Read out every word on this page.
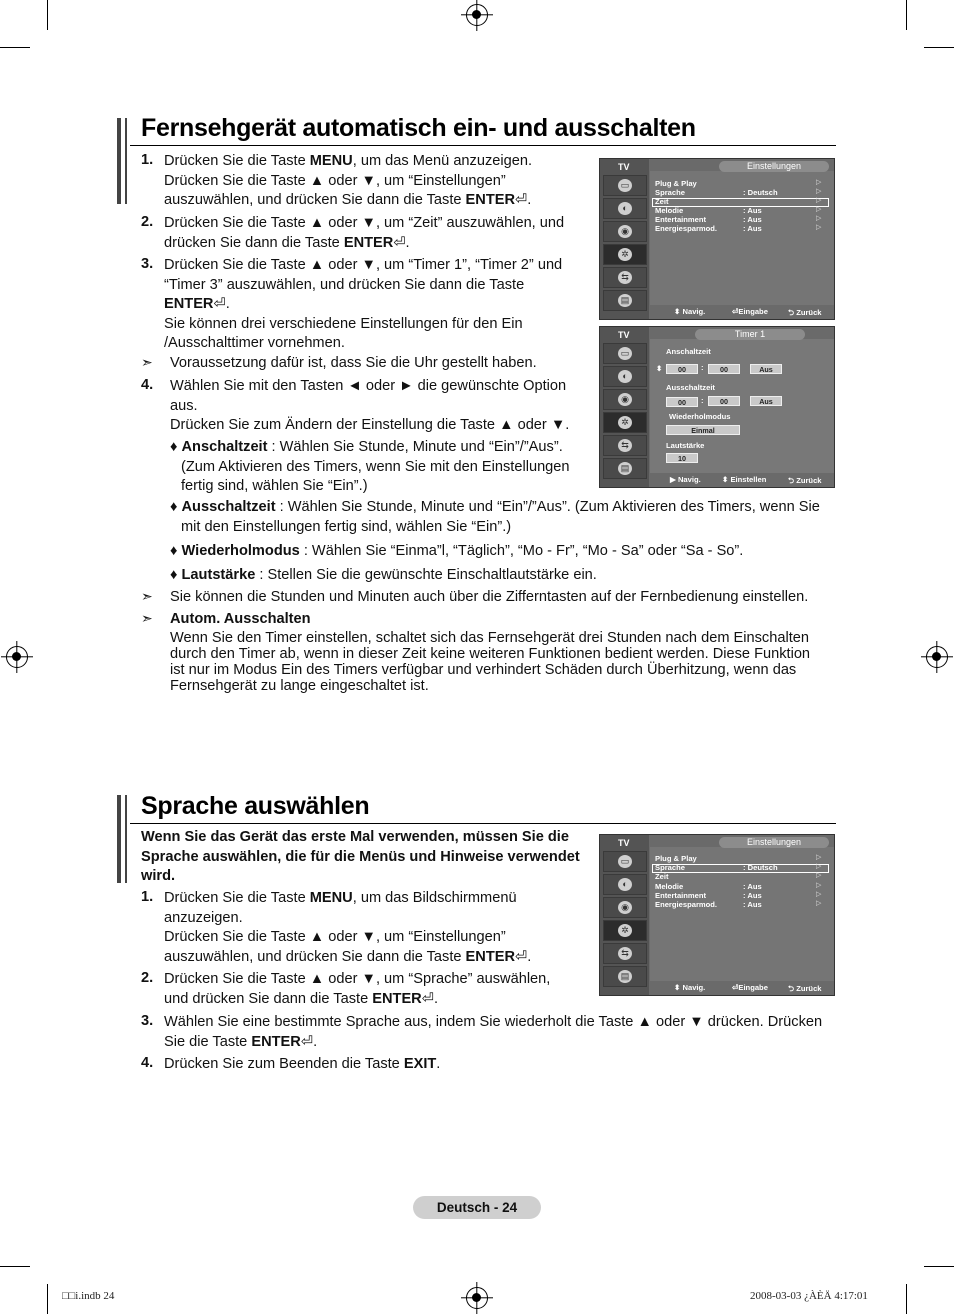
Fernsehgerät automatisch ein- und ausschalten
1. Drücken Sie die Taste MENU, um das Menü anzuzeigen.
Drücken Sie die Taste ▲ oder ▼, um “Einstellungen”
auszuwählen, und drücken Sie dann die Taste ENTER⏎.
2. Drücken Sie die Taste ▲ oder ▼, um “Zeit” auszuwählen, und
drücken Sie dann die Taste ENTER⏎.
3. Drücken Sie die Taste ▲ oder ▼, um “Timer 1”, “Timer 2” und
“Timer 3” auszuwählen, und drücken Sie dann die Taste
ENTER⏎.
Sie können drei verschiedene Einstellungen für den Ein
/Ausschalttimer vornehmen.
➣ Voraussetzung dafür ist, dass Sie die Uhr gestellt haben.
4. Wählen Sie mit den Tasten ◄ oder ► die gewünschte Option
aus.
Drücken Sie zum Ändern der Einstellung die Taste ▲ oder ▼.
♦ Anschaltzeit : Wählen Sie Stunde, Minute und “Ein”/”Aus”.
(Zum Aktivieren des Timers, wenn Sie mit den Einstellungen
fertig sind, wählen Sie “Ein”.)
♦ Ausschaltzeit : Wählen Sie Stunde, Minute und “Ein”/”Aus”. (Zum Aktivieren des Timers, wenn Sie
mit den Einstellungen fertig sind, wählen Sie “Ein”.)
♦ Wiederholmodus : Wählen Sie “Einma”l, “Täglich”, “Mo - Fr”, “Mo - Sa” oder “Sa - So”.
♦ Lautstärke : Stellen Sie die gewünschte Einschaltlautstärke ein.
➣ Sie können die Stunden und Minuten auch über die Zifferntasten auf der Fernbedienung einstellen.
➣ Autom. Ausschalten
Wenn Sie den Timer einstellen, schaltet sich das Fernsehgerät drei Stunden nach dem Einschalten
durch den Timer ab, wenn in dieser Zeit keine weiteren Funktionen bedient werden. Diese Funktion
ist nur im Modus Ein des Timers verfügbar und verhindert Schäden durch Überhitzung, wenn das
Fernsehgerät zu lange eingeschaltet ist.
TV
▭
◐
◉
✲
⇆
▤
Einstellungen
Plug & Play
Sprache	: Deutsch
Zeit
Melodie	: Aus
Entertainment	: Aus
Energiesparmod.	: Aus
▷
▷
▷
▷
▷
▷
⬍ Navig.	⏎Eingabe	⮌ Zurück
TV
▭
◐
◉
✲
⇆
▤
Timer 1
Anschaltzeit
⬍	00	:	00	Aus
Ausschaltzeit
00	:	00	Aus
Wiederholmodus
Einmal
Lautstärke
10
▶ Navig.	⬍ Einstellen	⮌ Zurück
Sprache auswählen
Wenn Sie das Gerät das erste Mal verwenden, müssen Sie die
Sprache auswählen, die für die Menüs und Hinweise verwendet
wird.
1. Drücken Sie die Taste MENU, um das Bildschirmmenü
anzuzeigen.
Drücken Sie die Taste ▲ oder ▼, um “Einstellungen”
auszuwählen, und drücken Sie dann die Taste ENTER⏎.
2. Drücken Sie die Taste ▲ oder ▼, um “Sprache” auswählen,
und drücken Sie dann die Taste ENTER⏎.
3. Wählen Sie eine bestimmte Sprache aus, indem Sie wiederholt die Taste ▲ oder ▼ drücken. Drücken
Sie die Taste ENTER⏎.
4. Drücken Sie zum Beenden die Taste EXIT.
TV
▭
◐
◉
✲
⇆
▤
Einstellungen
Plug & Play
Sprache	: Deutsch
Zeit
Melodie	: Aus
Entertainment	: Aus
Energiesparmod.	: Aus
▷
▷
▷
▷
▷
▷
⬍ Navig.	⏎Eingabe	⮌ Zurück
Deutsch - 24
□□i.indb 24	2008-03-03 ¿ÀÈÄ 4:17:01
